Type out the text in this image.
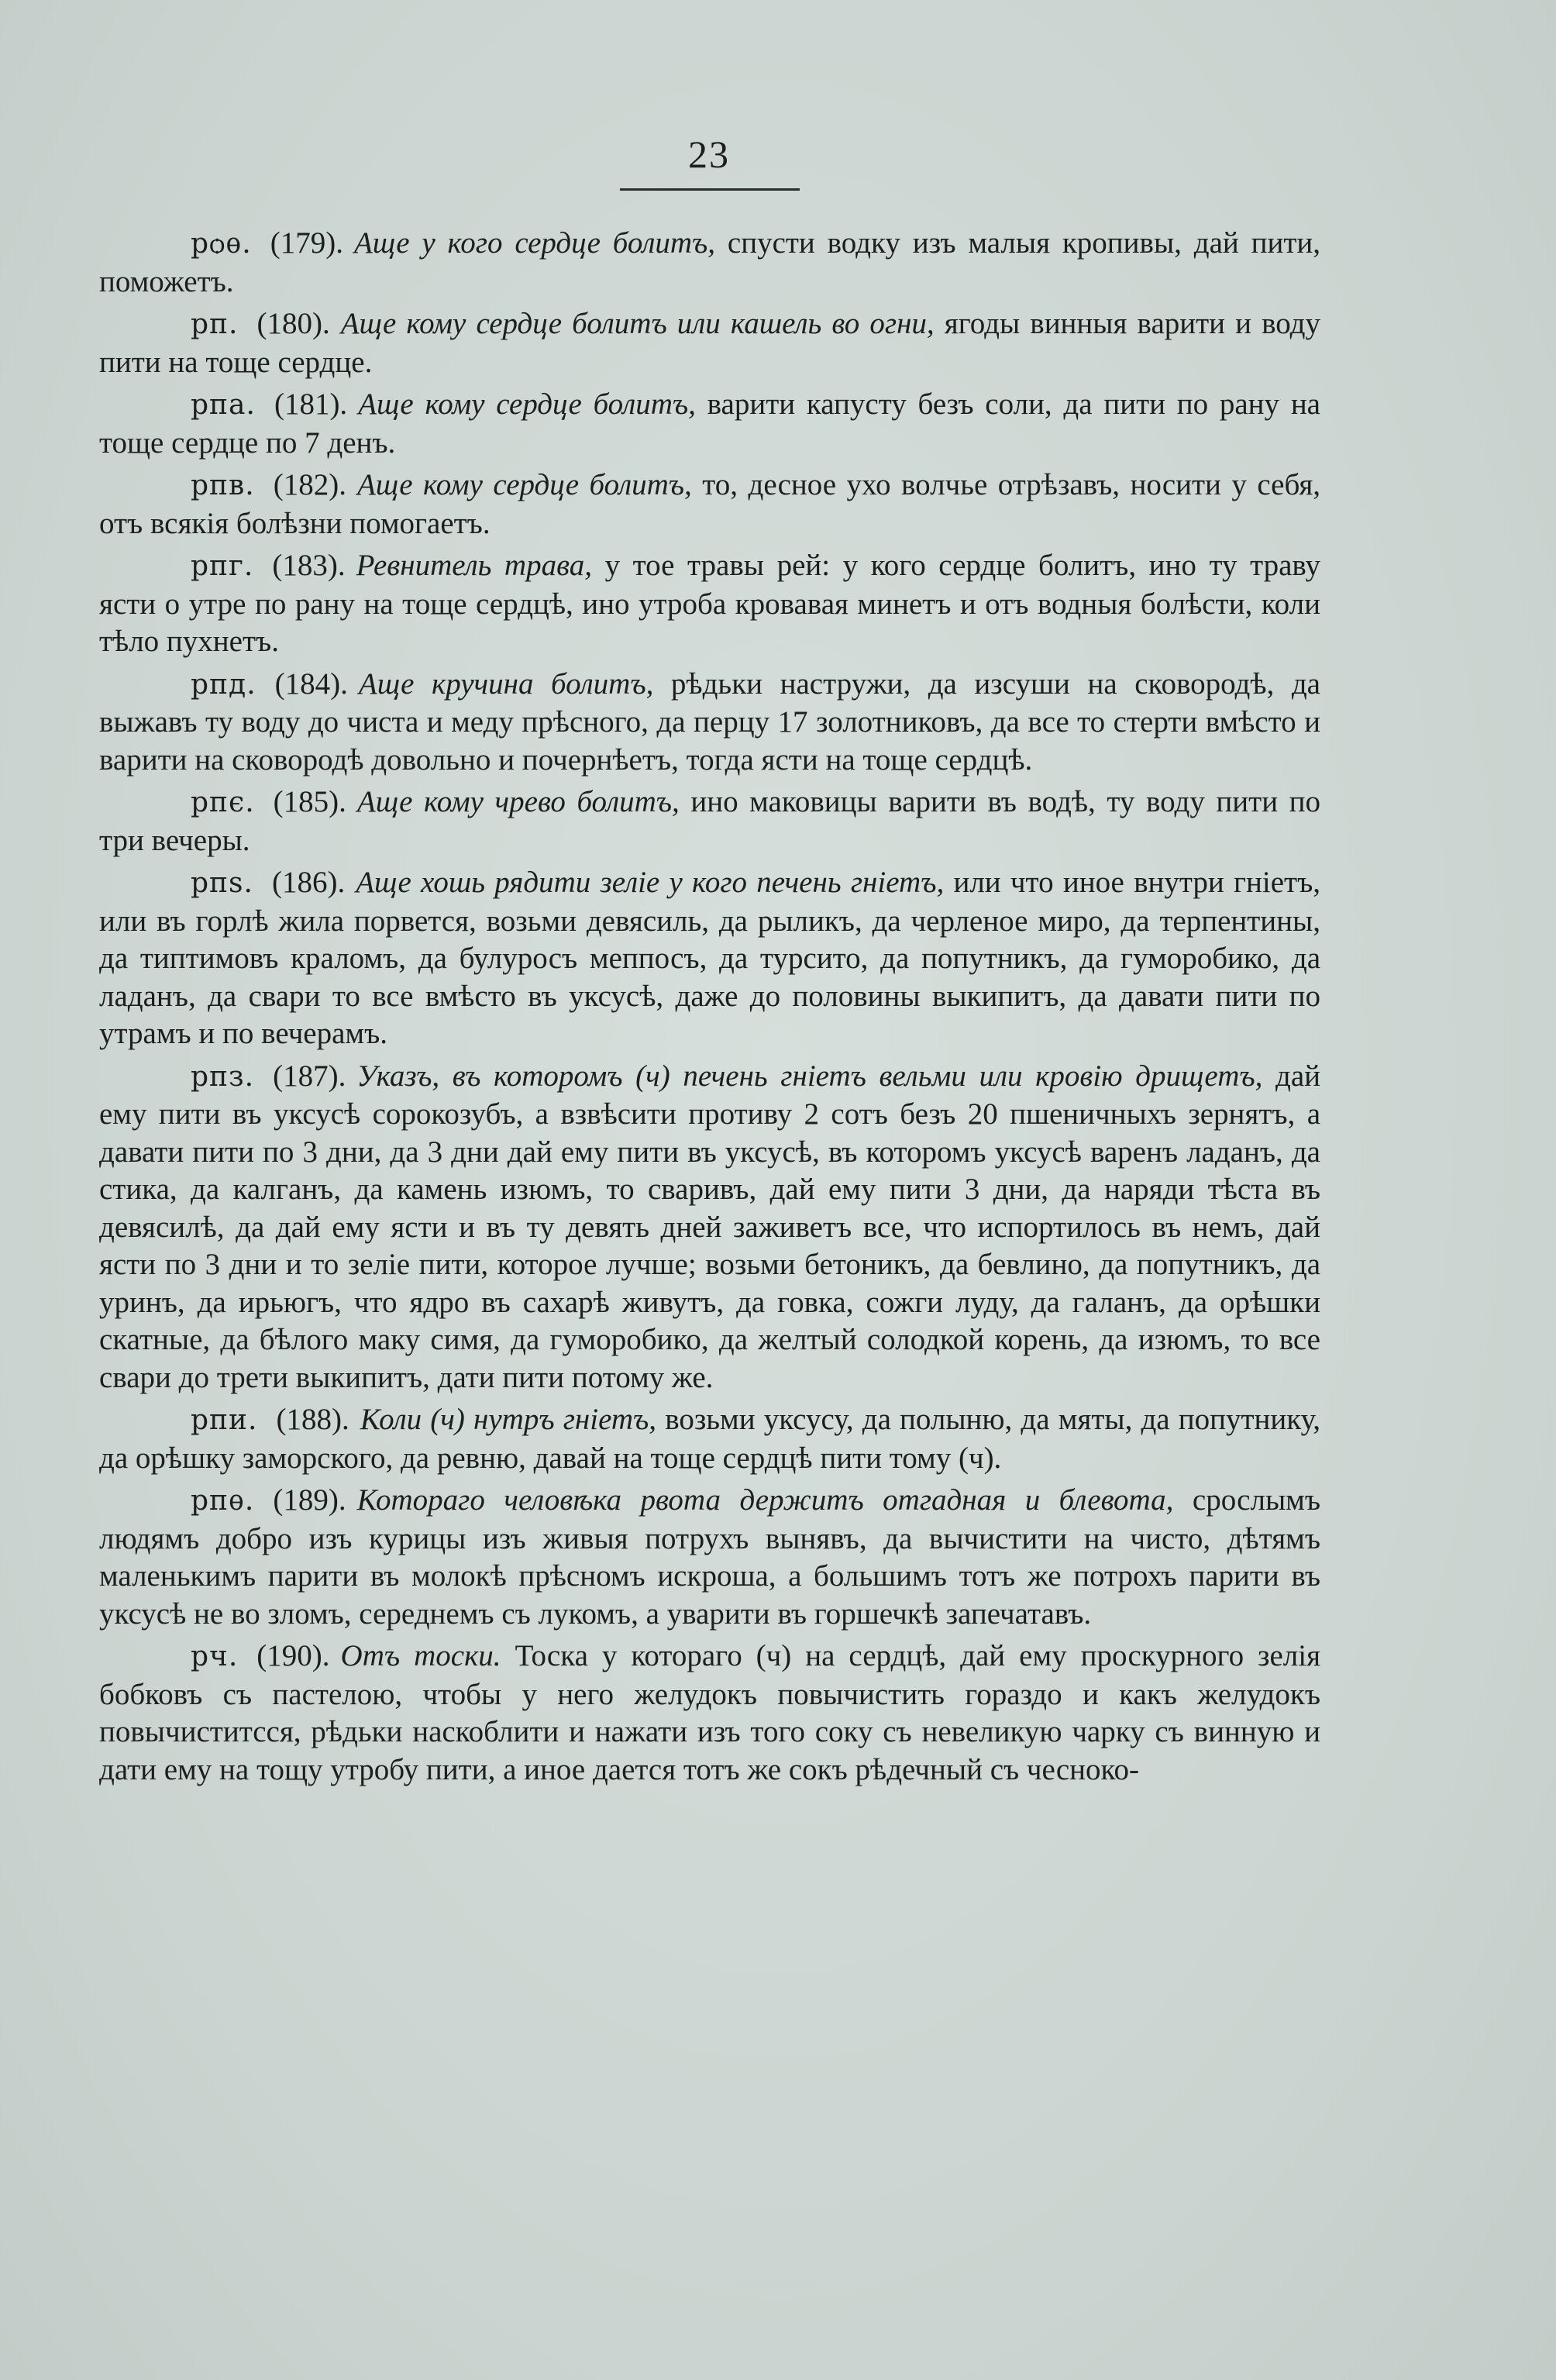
23

рѻѳ. (179). Аще у кого сердце болитъ, спусти водку изъ малыя кропивы, дай пити, поможетъ.

рп. (180). Аще кому сердце болитъ или кашель во огни, ягоды винныя варити и воду пити на тоще сердце.

рпа. (181). Аще кому сердце болитъ, варити капусту безъ соли, да пити по рану на тоще сердце по 7 денъ.

рпв. (182). Аще кому сердце болитъ, то, десное ухо волчье отрѣзавъ, носити у себя, отъ всякія болѣзни помогаетъ.

рпг. (183). Ревнитель трава, у тое травы рей: у кого сердце болитъ, ино ту траву ясти о утре по рану на тоще сердцѣ, ино утроба кровавая минетъ и отъ водныя болѣсти, коли тѣло пухнетъ.

рпд. (184). Аще кручина болитъ, рѣдьки настружи, да изсуши на сковородѣ, да выжавъ ту воду до чиста и меду прѣсного, да перцу 17 золотниковъ, да все то стерти вмѣсто и варити на сковородѣ довольно и почернѣетъ, тогда ясти на тоще сердцѣ.

рпє. (185). Аще кому чрево болитъ, ино маковицы варити въ водѣ, ту воду пити по три вечеры.

рпѕ. (186). Аще хошь рядити зеліе у кого печень гніетъ, или что иное внутри гніетъ, или въ горлѣ жила порвется, возьми девясиль, да рыликъ, да черленое миро, да терпентины, да типтимовъ краломъ, да булуросъ меппосъ, да турсито, да попутникъ, да гуморобико, да ладанъ, да свари то все вмѣсто въ уксусѣ, даже до половины выкипитъ, да давати пити по утрамъ и по вечерамъ.

рпз. (187). Указъ, въ которомъ (ч) печень гніетъ вельми или кровію дрищетъ, дай ему пити въ уксусѣ сорокозубъ, а взвѣсити противу 2 сотъ безъ 20 пшеничныхъ зернятъ, а давати пити по 3 дни, да 3 дни дай ему пити въ уксусѣ, въ которомъ уксусѣ варенъ ладанъ, да стика, да калганъ, да камень изюмъ, то сваривъ, дай ему пити 3 дни, да наряди тѣста въ девясилѣ, да дай ему ясти и въ ту девять дней заживетъ все, что испортилось въ немъ, дай ясти по 3 дни и то зеліе пити, которое лучше; возьми бетоникъ, да бевлино, да попутникъ, да уринъ, да ирьюгъ, что ядро въ сахарѣ живутъ, да говка, сожги луду, да галанъ, да орѣшки скатные, да бѣлого маку симя, да гуморобико, да желтый солодкой корень, да изюмъ, то все свари до трети выкипитъ, дати пити потому же.

рпи. (188). Коли (ч) нутръ гніетъ, возьми уксусу, да полыню, да мяты, да попутнику, да орѣшку заморского, да ревню, давай на тоще сердцѣ пити тому (ч).

рпѳ. (189). Котораго человѣка рвота держитъ отгадная и блевота, срослымъ людямъ добро изъ курицы изъ живыя потрухъ вынявъ, да вычистити на чисто, дѣтямъ маленькимъ парити въ молокѣ прѣсномъ искроша, а большимъ тотъ же потрохъ парити въ уксусѣ не во зломъ, середнемъ съ лукомъ, а уварити въ горшечкѣ запечатавъ.

рч. (190). Отъ тоски. Тоска у котораго (ч) на сердцѣ, дай ему проскурного зелія бобковъ съ пастелою, чтобы у него желудокъ повычистить гораздо и какъ желудокъ повычиститсся, рѣдьки наскоблити и нажати изъ того соку съ невеликую чарку съ винную и дати ему на тощу утробу пити, а иное дается тотъ же сокъ рѣдечный съ чесноко-
